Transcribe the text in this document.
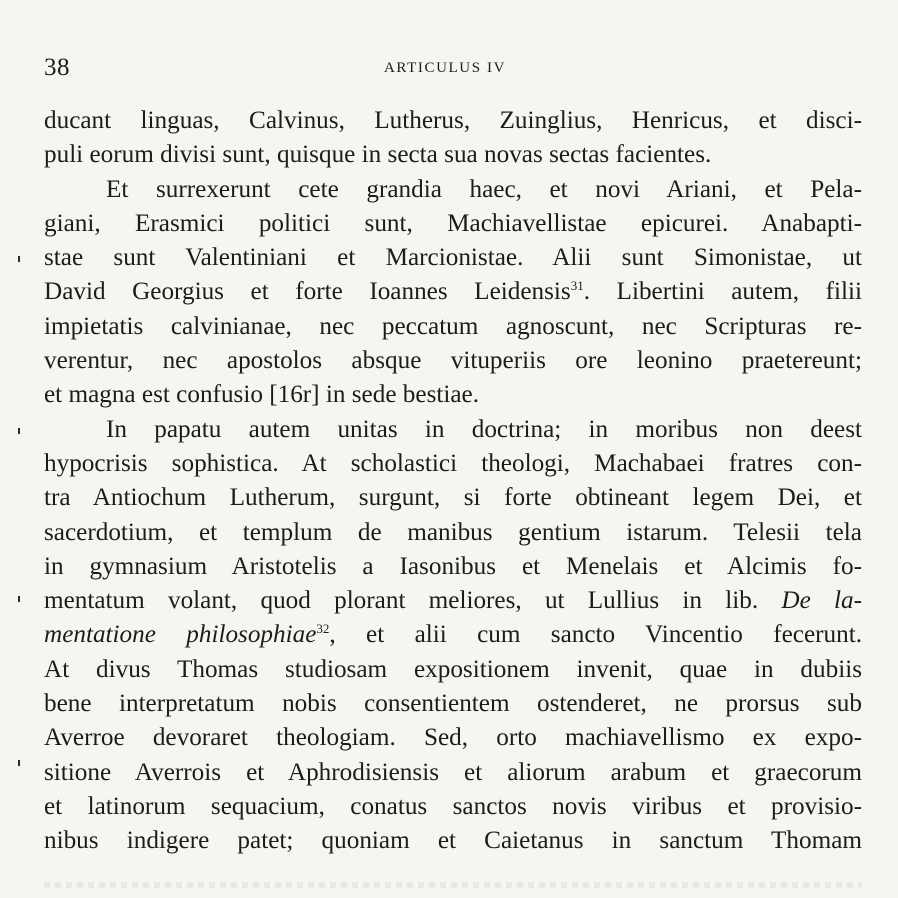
38	ARTICULUS IV
ducant linguas, Calvinus, Lutherus, Zuinglius, Henricus, et disci-
puli eorum divisi sunt, quisque in secta sua novas sectas facientes.
Et surrexerunt cete grandia haec, et novi Ariani, et Pela-
giani, Erasmici politici sunt, Machiavellistae epicurei. Anabapti-
stae sunt Valentiniani et Marcionistae. Alii sunt Simonistae, ut
David Georgius et forte Ioannes Leidensis$^{31}$. Libertini autem, filii
impietatis calvinianae, nec peccatum agnoscunt, nec Scripturas re-
verentur, nec apostolos absque vituperiis ore leonino praetereunt;
et magna est confusio [16r] in sede bestiae.
In papatu autem unitas in doctrina; in moribus non deest
hypocrisis sophistica. At scholastici theologi, Machabaei fratres con-
tra Antiochum Lutherum, surgunt, si forte obtineant legem Dei, et
sacerdotium, et templum de manibus gentium istarum. Telesii tela
in gymnasium Aristotelis a Iasonibus et Menelais et Alcimis fo-
mentatum volant, quod plorant meliores, ut Lullius in lib. De la-
mentatione philosophiae$^{32}$, et alii cum sancto Vincentio fecerunt.
At divus Thomas studiosam expositionem invenit, quae in dubiis
bene interpretatum nobis consentientem ostenderet, ne prorsus sub
Averroe devoraret theologiam. Sed, orto machiavellismo ex expo-
sitione Averrois et Aphrodisiensis et aliorum arabum et graecorum
et latinorum sequacium, conatus sanctos novis viribus et provisio-
nibus indigere patet; quoniam et Caietanus in sanctum Thomam
